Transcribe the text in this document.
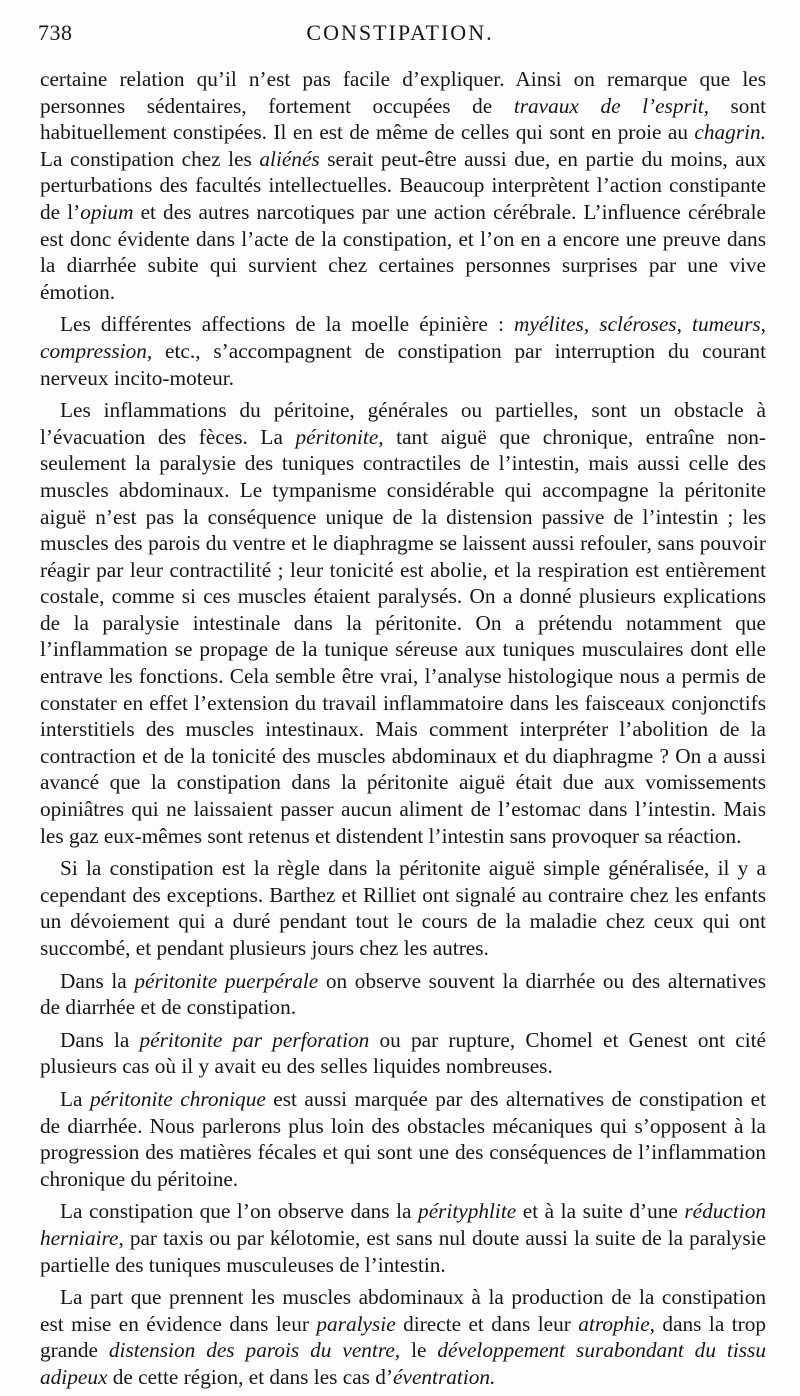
738	CONSTIPATION.

certaine relation qu’il n’est pas facile d’expliquer. Ainsi on remarque que les personnes sédentaires, fortement occupées de travaux de l’esprit, sont habituellement constipées. Il en est de même de celles qui sont en proie au chagrin. La constipation chez les aliénés serait peut-être aussi due, en partie du moins, aux perturbations des facultés intellectuelles. Beaucoup interprètent l’action constipante de l’opium et des autres narcotiques par une action cérébrale. L’influence cérébrale est donc évidente dans l’acte de la constipation, et l’on en a encore une preuve dans la diarrhée subite qui survient chez certaines personnes surprises par une vive émotion.

Les différentes affections de la moelle épinière : myélites, scléroses, tumeurs, compression, etc., s’accompagnent de constipation par interruption du courant nerveux incito-moteur.

Les inflammations du péritoine, générales ou partielles, sont un obstacle à l’évacuation des fèces. La péritonite, tant aiguë que chronique, entraîne non-seulement la paralysie des tuniques contractiles de l’intestin, mais aussi celle des muscles abdominaux. Le tympanisme considérable qui accompagne la péritonite aiguë n’est pas la conséquence unique de la distension passive de l’intestin ; les muscles des parois du ventre et le diaphragme se laissent aussi refouler, sans pouvoir réagir par leur contractilité ; leur tonicité est abolie, et la respiration est entièrement costale, comme si ces muscles étaient paralysés. On a donné plusieurs explications de la paralysie intestinale dans la péritonite. On a prétendu notamment que l’inflammation se propage de la tunique séreuse aux tuniques musculaires dont elle entrave les fonctions. Cela semble être vrai, l’analyse histologique nous a permis de constater en effet l’extension du travail inflammatoire dans les faisceaux conjonctifs interstitiels des muscles intestinaux. Mais comment interpréter l’abolition de la contraction et de la tonicité des muscles abdominaux et du diaphragme ? On a aussi avancé que la constipation dans la péritonite aiguë était due aux vomissements opiniâtres qui ne laissaient passer aucun aliment de l’estomac dans l’intestin. Mais les gaz eux-mêmes sont retenus et distendent l’intestin sans provoquer sa réaction.

Si la constipation est la règle dans la péritonite aiguë simple généralisée, il y a cependant des exceptions. Barthez et Rilliet ont signalé au contraire chez les enfants un dévoiement qui a duré pendant tout le cours de la maladie chez ceux qui ont succombé, et pendant plusieurs jours chez les autres.

Dans la péritonite puerpérale on observe souvent la diarrhée ou des alternatives de diarrhée et de constipation.

Dans la péritonite par perforation ou par rupture, Chomel et Genest ont cité plusieurs cas où il y avait eu des selles liquides nombreuses.

La péritonite chronique est aussi marquée par des alternatives de constipation et de diarrhée. Nous parlerons plus loin des obstacles mécaniques qui s’opposent à la progression des matières fécales et qui sont une des conséquences de l’inflammation chronique du péritoine.

La constipation que l’on observe dans la pérityphlite et à la suite d’une réduction herniaire, par taxis ou par kélotomie, est sans nul doute aussi la suite de la paralysie partielle des tuniques musculeuses de l’intestin.

La part que prennent les muscles abdominaux à la production de la constipation est mise en évidence dans leur paralysie directe et dans leur atrophie, dans la trop grande distension des parois du ventre, le développement surabondant du tissu adipeux de cette région, et dans les cas d’éventration.
